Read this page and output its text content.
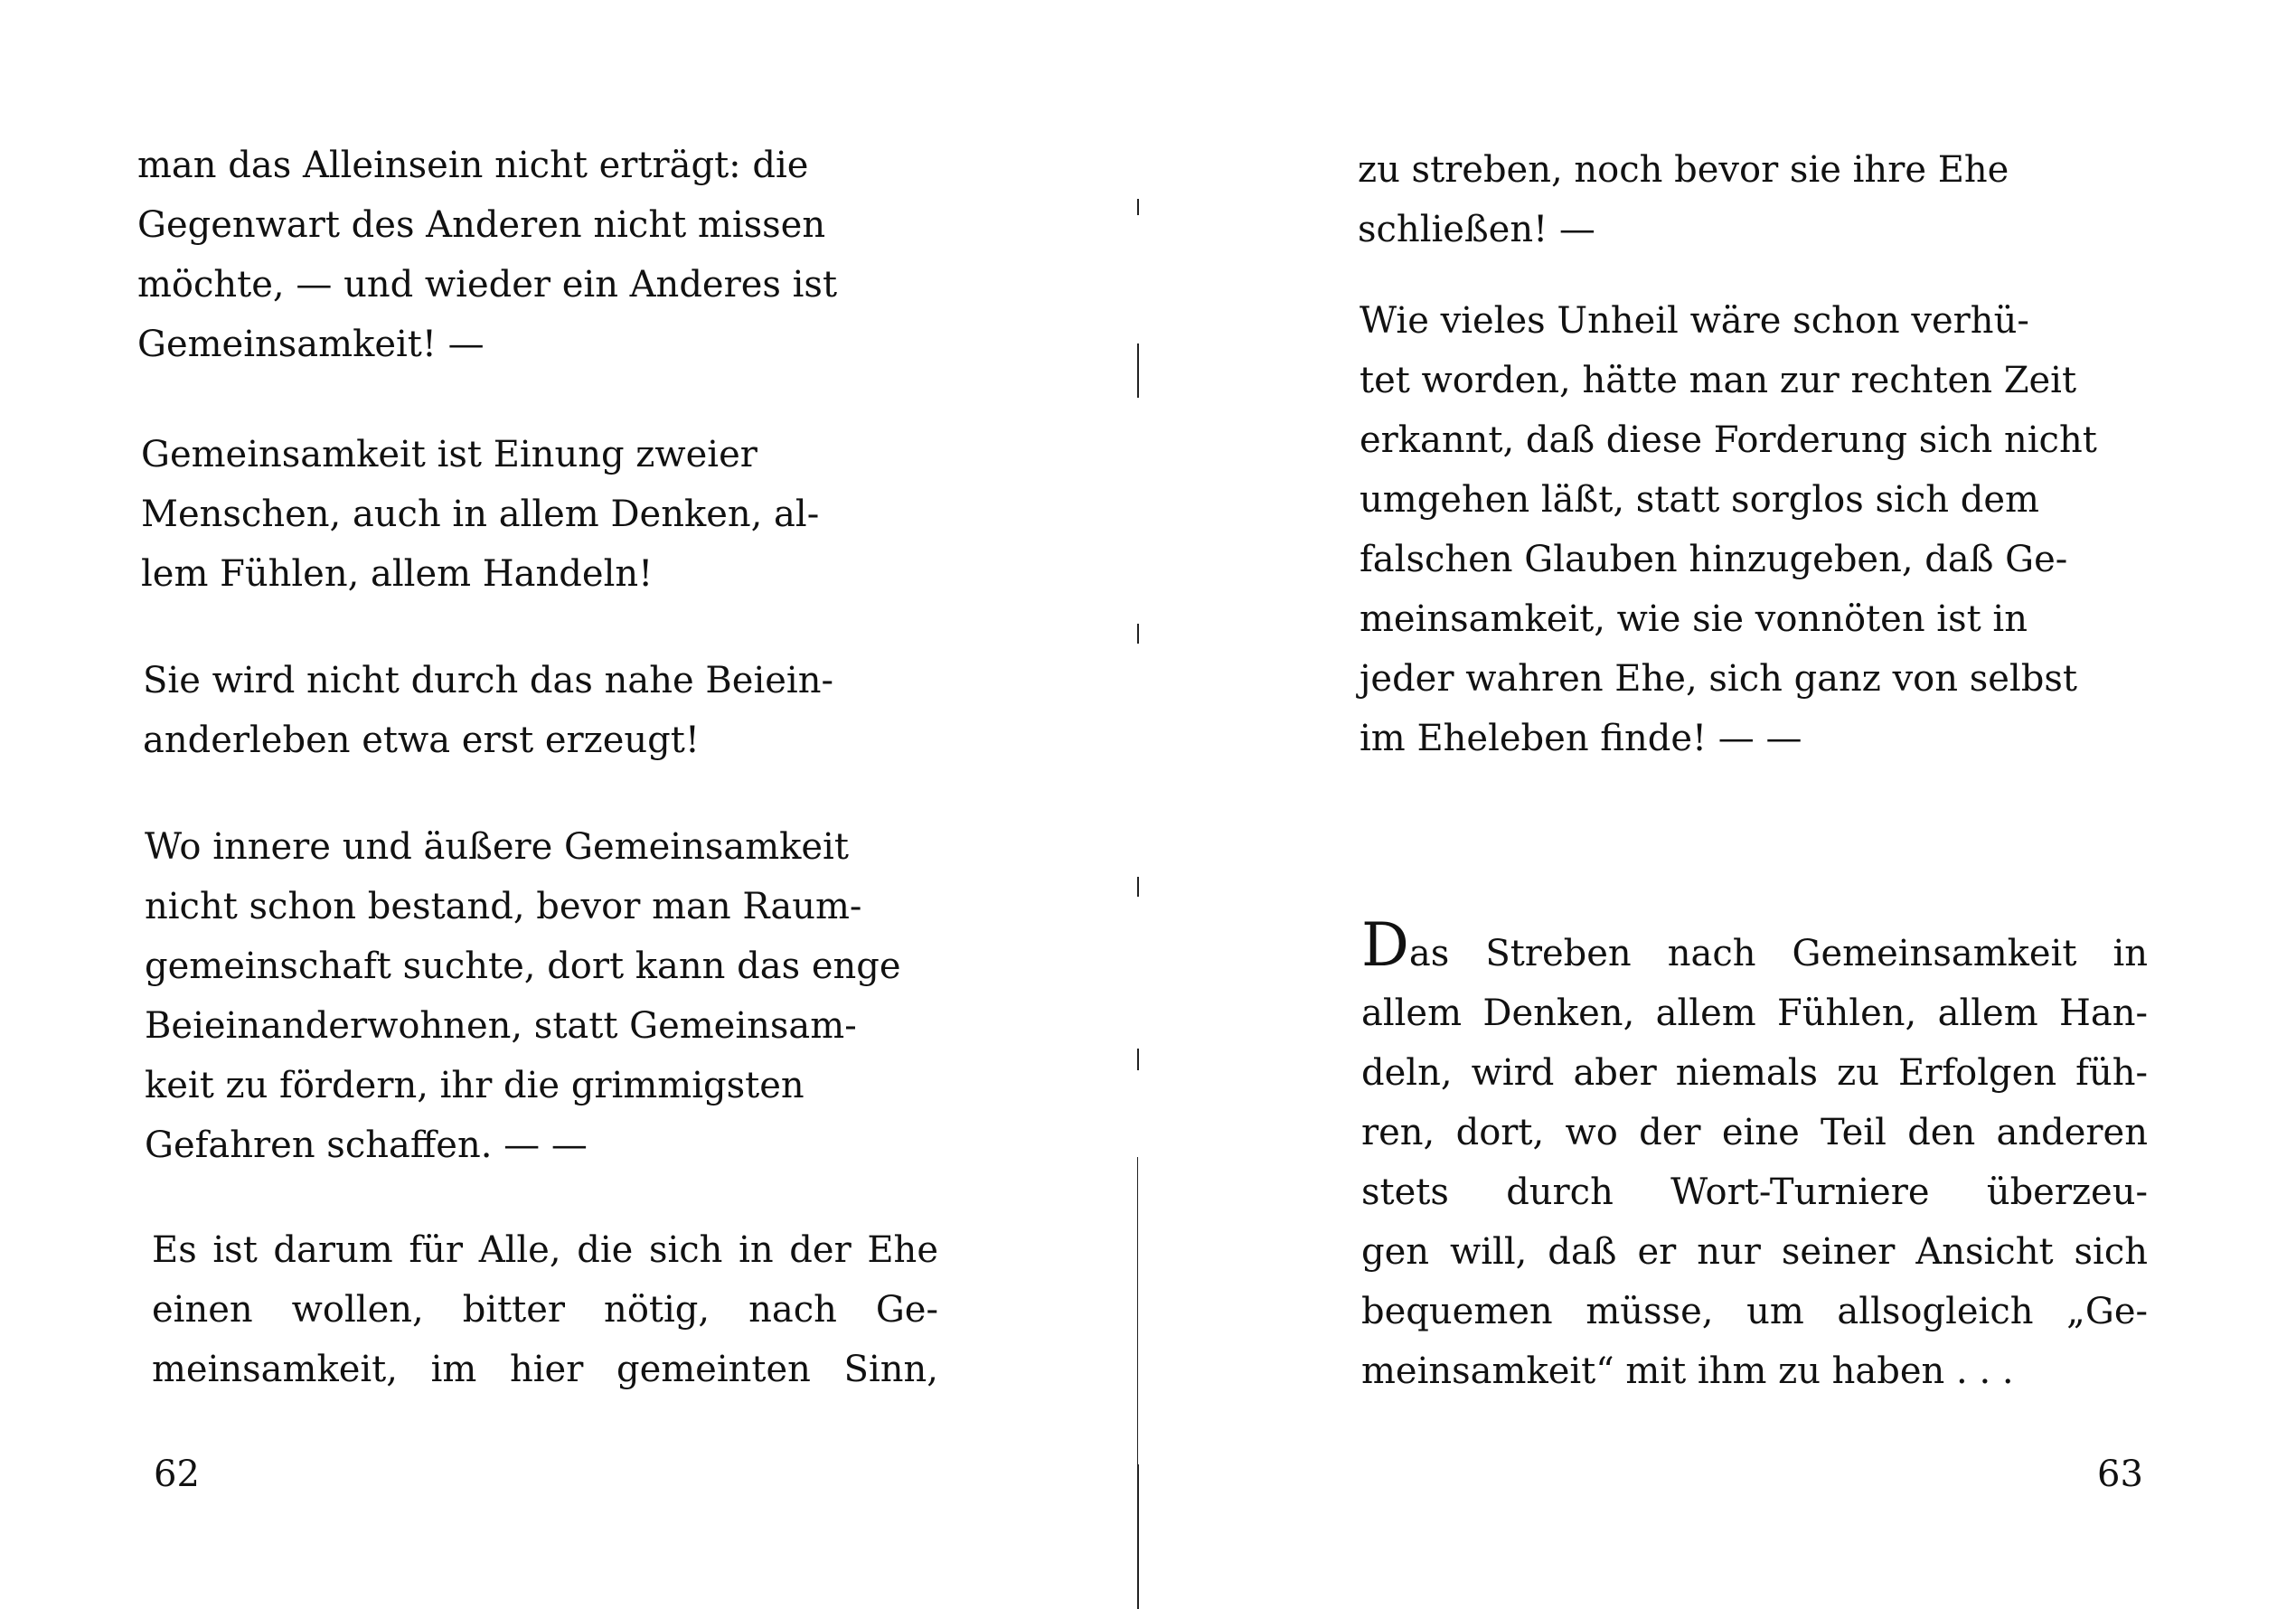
man das Alleinsein nicht erträgt: die
Gegenwart des Anderen nicht missen
möchte, — und wieder ein Anderes ist
Gemeinsamkeit! —
Gemeinsamkeit ist Einung zweier
Menschen, auch in allem Denken, al-
lem Fühlen, allem Handeln!
Sie wird nicht durch das nahe Beiein-
anderleben etwa erst erzeugt!
Wo innere und äußere Gemeinsamkeit
nicht schon bestand, bevor man Raum-
gemeinschaft suchte, dort kann das enge
Beieinanderwohnen, statt Gemeinsam-
keit zu fördern, ihr die grimmigsten
Gefahren schaffen. — —
Es ist darum für Alle, die sich in der Ehe
einen wollen, bitter nötig, nach Ge-
meinsamkeit, im hier gemeinten Sinn,
62
zu streben, noch bevor sie ihre Ehe
schließen! —
Wie vieles Unheil wäre schon verhü-
tet worden, hätte man zur rechten Zeit
erkannt, daß diese Forderung sich nicht
umgehen läßt, statt sorglos sich dem
falschen Glauben hinzugeben, daß Ge-
meinsamkeit, wie sie vonnöten ist in
jeder wahren Ehe, sich ganz von selbst
im Eheleben finde! — —
Das Streben nach Gemeinsamkeit in
allem Denken, allem Fühlen, allem Han-
deln, wird aber niemals zu Erfolgen füh-
ren, dort, wo der eine Teil den anderen
stets durch Wort-Turniere überzeu-
gen will, daß er nur seiner Ansicht sich
bequemen müsse, um allsogleich „Ge-
meinsamkeit“ mit ihm zu haben . . .
63
